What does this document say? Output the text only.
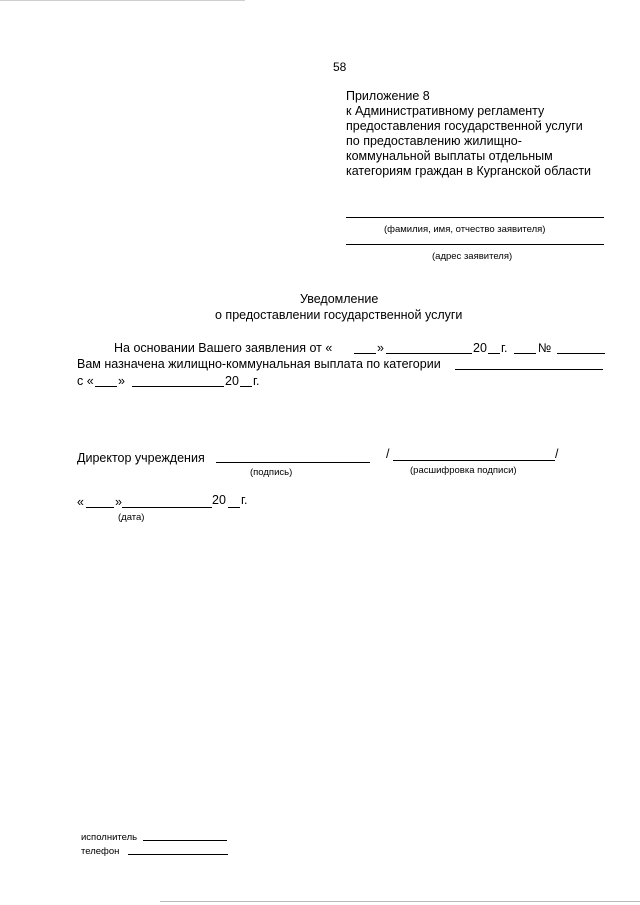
58
Приложение 8
к Административному регламенту
предоставления государственной услуги
по предоставлению жилищно-
коммунальной выплаты отдельным
категориям граждан в Курганской области
(фамилия, имя, отчество заявителя)
(адрес заявителя)
Уведомление
о предоставлении государственной услуги
На основании Вашего заявления от «	»	20 г. №
Вам назначена жилищно-коммунальная выплата по категории
с « »	20 г.
Директор учреждения
(подпись)
/	/
(расшифровка подписи)
« »	20 г.
(дата)
исполнитель
телефон
